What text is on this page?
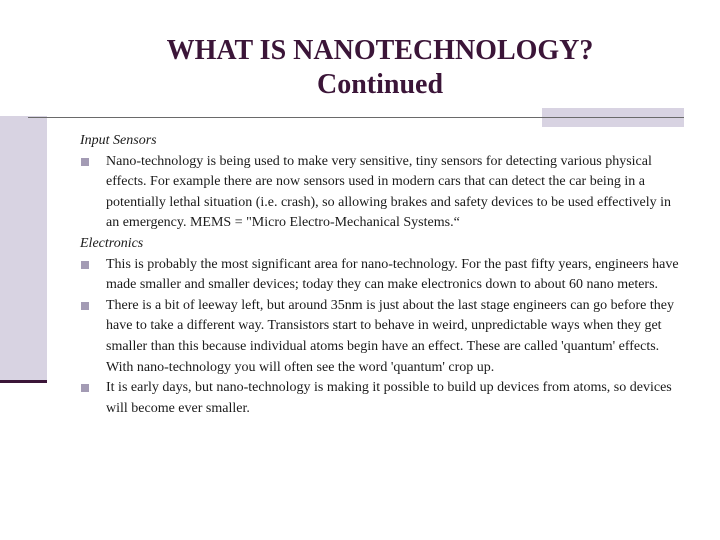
WHAT IS NANOTECHNOLOGY?
Continued

Input Sensors

Nano-technology is being used to make very sensitive, tiny sensors for detecting various physical effects. For example there are now sensors used in modern cars that can detect the car being in a potentially lethal situation (i.e. crash), so allowing brakes and safety devices to be used effectively in an emergency. MEMS = "Micro Electro-Mechanical Systems.“

Electronics

This is probably the most significant area for nano-technology. For the past fifty years, engineers have made smaller and smaller devices; today they can make electronics down to about 60 nano meters.

There is a bit of leeway left, but around 35nm is just about the last stage engineers can go before they have to take a different way. Transistors start to behave in weird, unpredictable ways when they get smaller than this because individual atoms begin have an effect. These are called 'quantum' effects. With nano-technology you will often see the word 'quantum' crop up.

It is early days, but nano-technology is making it possible to build up devices from atoms, so devices will become ever smaller.
